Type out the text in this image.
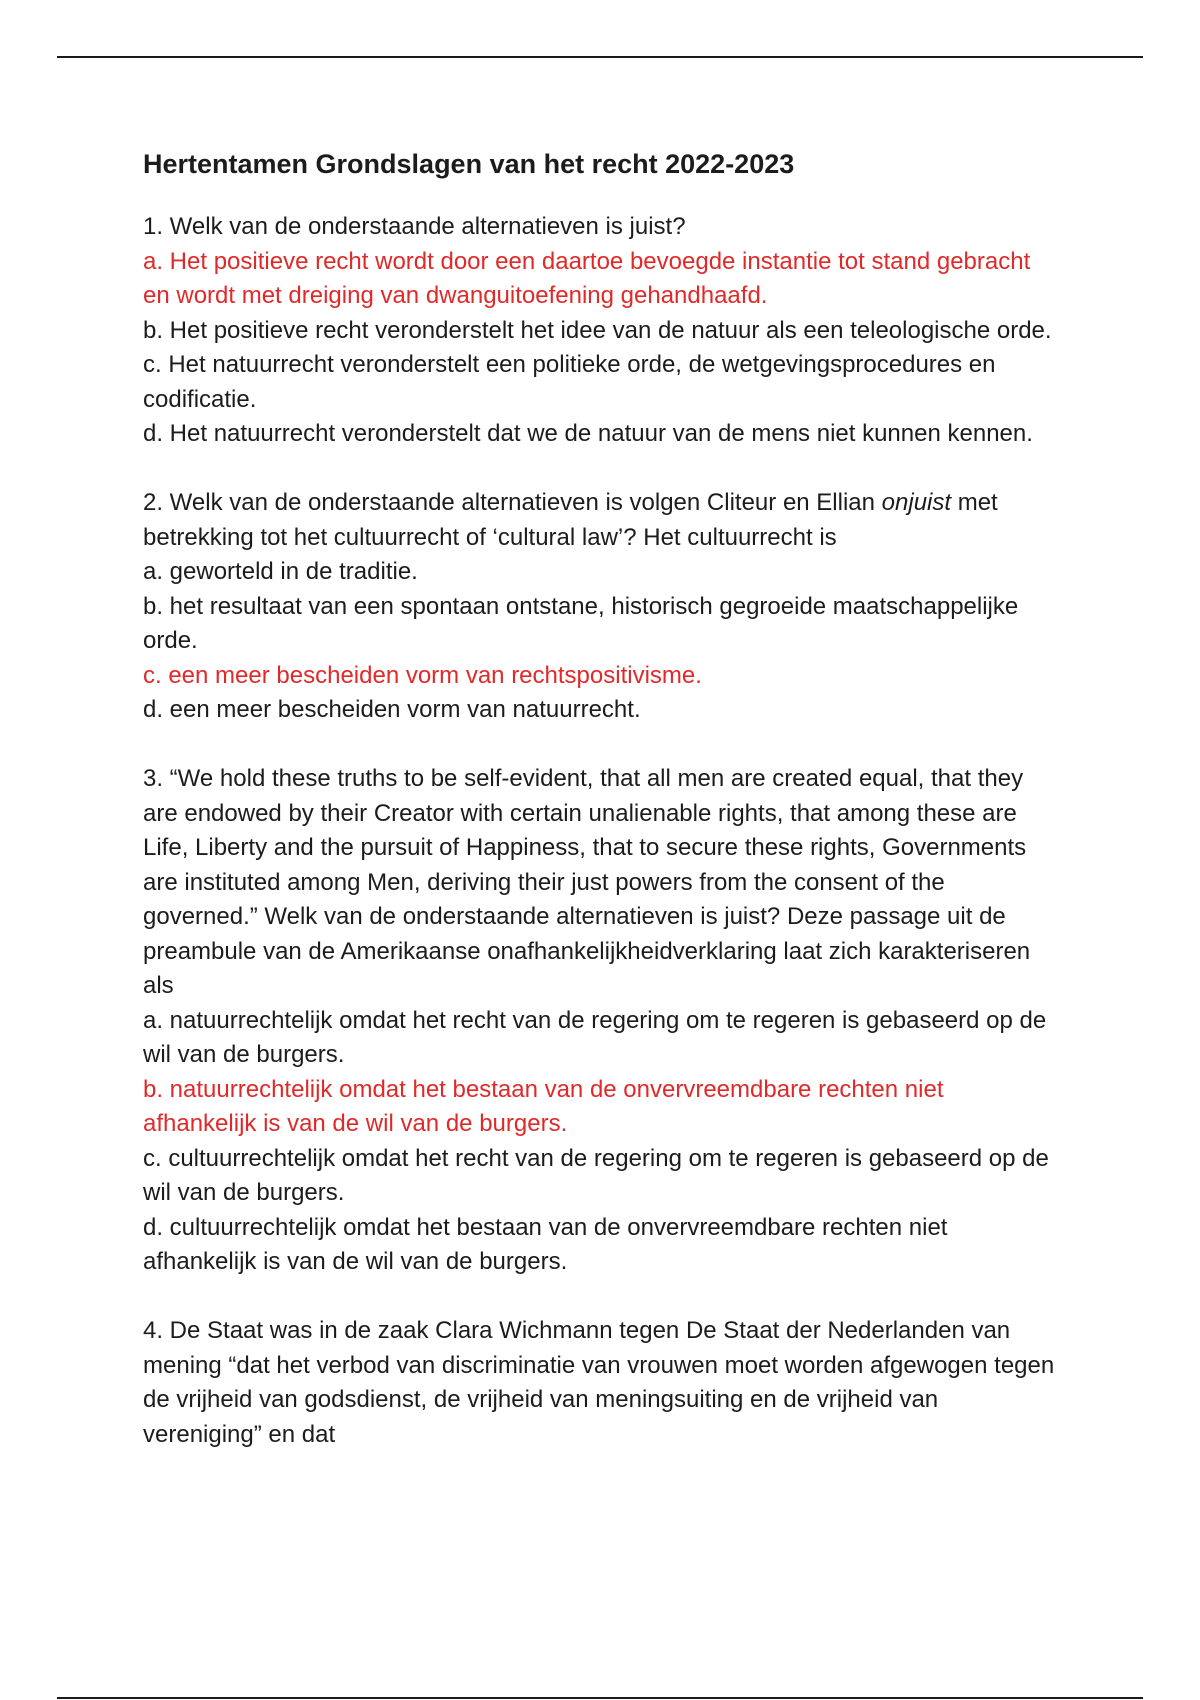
Hertentamen Grondslagen van het recht 2022-2023
1. Welk van de onderstaande alternatieven is juist?
a. Het positieve recht wordt door een daartoe bevoegde instantie tot stand gebracht en wordt met dreiging van dwanguitoefening gehandhaafd.
b. Het positieve recht veronderstelt het idee van de natuur als een teleologische orde.
c. Het natuurrecht veronderstelt een politieke orde, de wetgevingsprocedures en codificatie.
d. Het natuurrecht veronderstelt dat we de natuur van de mens niet kunnen kennen.
2. Welk van de onderstaande alternatieven is volgen Cliteur en Ellian onjuist met betrekking tot het cultuurrecht of ‘cultural law’? Het cultuurrecht is
a. geworteld in de traditie.
b. het resultaat van een spontaan ontstane, historisch gegroeide maatschappelijke orde.
c. een meer bescheiden vorm van rechtspositivisme.
d. een meer bescheiden vorm van natuurrecht.
3. “We hold these truths to be self-evident, that all men are created equal, that they are endowed by their Creator with certain unalienable rights, that among these are Life, Liberty and the pursuit of Happiness, that to secure these rights, Governments are instituted among Men, deriving their just powers from the consent of the governed.” Welk van de onderstaande alternatieven is juist? Deze passage uit de preambule van de Amerikaanse onafhankelijkheidverklaring laat zich karakteriseren als
a. natuurrechtelijk omdat het recht van de regering om te regeren is gebaseerd op de wil van de burgers.
b. natuurrechtelijk omdat het bestaan van de onvervreemdbare rechten niet afhankelijk is van de wil van de burgers.
c. cultuurrechtelijk omdat het recht van de regering om te regeren is gebaseerd op de wil van de burgers.
d. cultuurrechtelijk omdat het bestaan van de onvervreemdbare rechten niet afhankelijk is van de wil van de burgers.
4. De Staat was in de zaak Clara Wichmann tegen De Staat der Nederlanden van mening “dat het verbod van discriminatie van vrouwen moet worden afgewogen tegen de vrijheid van godsdienst, de vrijheid van meningsuiting en de vrijheid van vereniging” en dat
